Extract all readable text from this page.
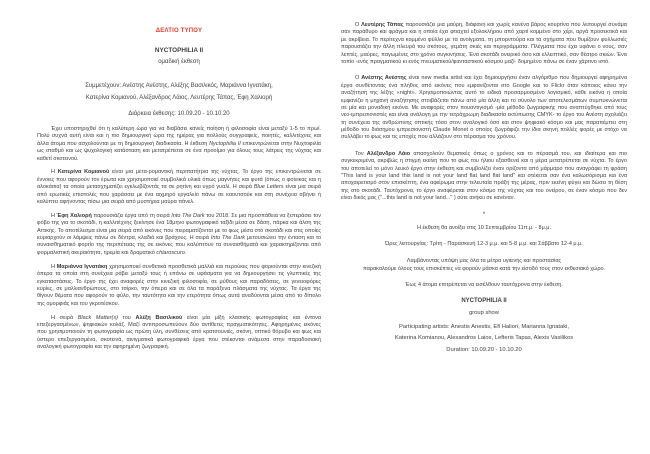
ΔΕΛΤΙΟ ΤΥΠΟΥ
NYCTOPHILIA II
ομαδική έκθεση
Συμμετέχουν: Ανέστης Ανέστης, Αλέξης Βασιλικός, Μαριάννα Ιγνατάκη,
Κατερίνα Κομιανού, Αλέξανδρος Λάιος, Λευτέρης Τάπας, Έφη Χαλιορή
Διάρκεια έκθεσης: 10.09.20 - 10.10.20

Έχει υποστηριχθεί ότι η καλύτερη ώρα για να διαβάσει κανείς ποίηση ή φιλοσοφία είναι μεταξύ 1-5 το πρωί. Πολύ συχνά αυτή είναι και η πιο δημιουργική ώρα της ημέρας για πολλούς συγγραφείς, ποιητές, καλλιτέχνες και άλλα άτομα που ασχολούνται με τη δημιουργική διαδικασία. Η έκθεση Nyctophilia II επικεντρώνεται στην Νυχτοφιλία ως σταθμό και ως ψυχολογική κατάσταση και μετατρέπεται σε ένα προοίμιο για όλους τους λάτρεις της νύχτας και καθετί σκοτεινού.

Η Κατερίνα Κομιανού είναι μια μετα-ρομαντική περιπατήτρια της νύχτας. Το έργο της επικεντρώνεται σε έννοιες που αφορούν τον έρωτα και χρησιμοποιεί συμβολικά υλικά όπως μαγνήτες και φυτά (όπως ο φοίνικας και η αλοκάσια) τα οποία μετασχηματίζει εγκλωβίζοντάς τα σε ρητίνη και υγρό γυαλί. Η σειρά Blue Letters είναι μια σειρά από ερωτικές επιστολές που χαράσσει με ένα αιχμηρό εργαλείο πάνω σε καουτσούκ και στη συνέχεια σβήνει ή καλύπτει αφήνοντας πίσω μια σειρά από μυστήρια μαύρα πάνελ.

Η Έφη Χαλιορή παρουσιάζει έργα από τη σειρά Into The Dark του 2018. Σε μια προσπάθεια να ξεπεράσει τον φόβο της για το σκοτάδι, η καλλιτέχνης ξεκίνησε ένα 18μηνο φωτογραφικό ταξίδι μέσα σε δάση, πάρκα και άλση της Αττικής. Το αποτέλεσμα είναι μια σειρά από εικόνες που πειραματίζονται με το φως μέσα στο σκοτάδι και στις οποίες κυριαρχούν οι λάμψεις πάνω σε δέντρα, κλαδιά και βράχους. Η σειρά Into The Dark μετουσιώνει την ένταση και το συναισθηματικό φορτίο της περιπέτειας της σε εικόνες που καλύπτουν τα συναισθήματά και χαρακτηρίζονται από φορμαλιστική ακεραιότητα, ηρεμία και δραματικό chiaroscuro.

Η Μαριάννα Ιγνατάκη χρησιμοποιεί συνθετικά προσθετικά μαλλιά και περούκες που φοριούνται στην κινεζική όπερα τα οποία στη συνέχεια ράβει μεταξύ τους ή επάνω σε υφάσματα για να δημιουργήσει τις γλυπτικές της εγκαταστάσεις. Το έργο της έχει αναφορές στην κινεζική φιλοσοφία, σε μύθους και παραδόσεις, σε γενειοφόρες κυρίες, σε μαλλιανθρώπους, στο τσίρκο, την όπερα και σε όλα τα παράξενα πλάσματα της νύχτας. Τα έργα της θίγουν θέματα που αφορούν το φύλο, την ταυτότητα και την ετερότητα όπως αυτά αναδύονται μέσα από το δίπολο της ομορφιάς και του γκροτέσκου.

Η σειρά Black Matter(s) του Αλέξη Βασιλικού είναι μία μίξη κλασικής φωτογραφίας και έντονα επεξεργασμένων, ψηφιακών κολάζ. Μαζί αντιπροσωπεύουν δύο αντίθετες πραγματικότητες. Αφηρημένες εικόνες που χρησιμοποιούν τη φωτογραφία ως πρώτη ύλη, συνθέσεις από κρατσουνιές, σκόνη, οπτικό θόρυβο και φως και ύστερο επεξεργασμένα, σκοτεινά, αινιγματικά φωτογραφικά έργα που στέκονται ανάμεσα στην παραδοσιακή αναλογική φωτογραφία και την αφηρημένη ζωγραφική.

Ο Λευτέρης Τάπας παρουσιάζει μια μαύρη, διάφανη και χωρίς κανένα βάρος κουρτίνα που λειτουργεί συνάμα σαν παράθυρο και φράγμα και η οποία έχει φτιαχτεί εξολοκλήρου από χαρτί κομμένο στο χέρι, αργά προσεκτικά και με ακρίβεια. Το περίτεχνα κομμένο φύλλο με τα ανοίγματα, τη μπορντούρα και τα σχήματα που θυμίζουν φυλλωσιές παρουσιάζει την άλλη πλευρά του σκότους, γεμάτη σκιές και περιγράμματα. Πλέγματα που έχει υφάνει ο νους, σαν λεπτές, μαύρες, παγωμένες στο χρόνο συγκινήσεις. Ένα σκοτάδι ονειρικό όσο και ελλειπτικό, σαν θέατρο σκιών. Ένα τοπίο -ενός πραγματικού κι ενός πνευματικού/φανταστικού κόσμου μαζί- δομημένο πάνω σε έναν χάρτινο ιστό.

Ο Ανέστης Ανέστης είναι new media artist και έχει δημιουργήσει έναν αλγόριθμο που δημιουργεί αφηρημένα έργα συνθέτοντας ένα πλήθος από εικόνες που εμφανίζονται στο Google και το Flickr όταν κάποιος κάνει την αναζήτηση της λέξης «night». Χρησιμοποιώντας αυτό το ειδικά προσαρμοσμένο λογισμικό, κάθε εικόνα η οποία εμφανίζει η μηχανή αναζήτησης στοιβάζεται πάνω από μία άλλη και το σύνολο των αποτελεσμάτων συμπυκνώνεται σε μία και μοναδική εικόνα. Με αναφορές στον πουαντιγισμό -μία μέθοδο ζωγραφικής που αναπτύχθηκε από τους νεο-ιμπρεσιονιστές και είναι ανάλογη με την τετράχρωμη διαδικασία εκτύπωσης CMYK- το έργο του Ανέστη σχολιάζει τη συνέχεια της ανθρώπινης οπτικής τόσο στον αναλογικό όσο και στον ψηφιακό κόσμο και μας παραπέμπει στη μέθοδο του διάσημου ιμπρεσιονιστή Claude Monet ο οποίος ζωγράφιζε την ίδια σκηνή πολλές φορές με στόχο να συλλάβει το φως και τις εποχές που αλλάζουν στο πέρασμα του χρόνου.

Τον Αλέξανδρο Λάιο απασχολούν θεματικές όπως ο χρόνος και το πέρασμά του, και ιδιαίτερα και πιο συγκεκριμένα, ακριβώς η στιγμή εκείνη που το φως του ήλιου εξασθενεί και η μέρα μετατρέπεται σε νύχτα. Το έργο του αποτελεί το μόνο λευκό έργο στην έκθεση και συμβολίζει έναν ορίζοντα από μάρμαρο που αναγράφει τη φράση "This land is your land this land is not your land flat land flat land" και στέκεται σαν ένα καλωσόρισμα και ένα αποχαιρετισμό στον επισκέπτη, ένα αφιέρωμα στην τελευταία πράξη της μέρας, πριν εκείνη φύγει και δώσει τη θέση της στο σκοτάδι. Ταυτόχρονα, το έργο αναφέρεται στον κόσμο της νύχτας και του ονείρου, σε έναν κόσμο που δεν είναι δικός μας ("...this land is not your land..." ) ούτε ανήκει σε κανέναν.

*
Η έκθεση θα ανοίξει στις 10 Σεπτεμβρίου 11π.μ. - 8μ.μ.
Ώρες λειτουργίας: Τρίτη - Παρασκευή 12-3 μ.μ. και 5-8 μ.μ. και Σάββατο 12-4 μ.μ.
Λαμβάνοντας υπόψη μας όλα τα μέτρα υγιεινής και προστασίας
παρακαλούμε όλους τους επισκέπτες να φορούν μάσκα κατά την είσοδό τους στον εκθεσιακό χώρο.
Έως 4 άτομα επιτρέπεται να εισέλθουν ταυτόχρονα στην έκθεση.
NYCTOPHILIA II
group show
Participating artists: Anestis Anestis, Efi Haliori, Marianna Ignataki,
Katerina Komianou, Alexandros Laios, Lefteris Tapas, Alexis Vasilikos
Duration: 10.09.20 - 10.10.20
